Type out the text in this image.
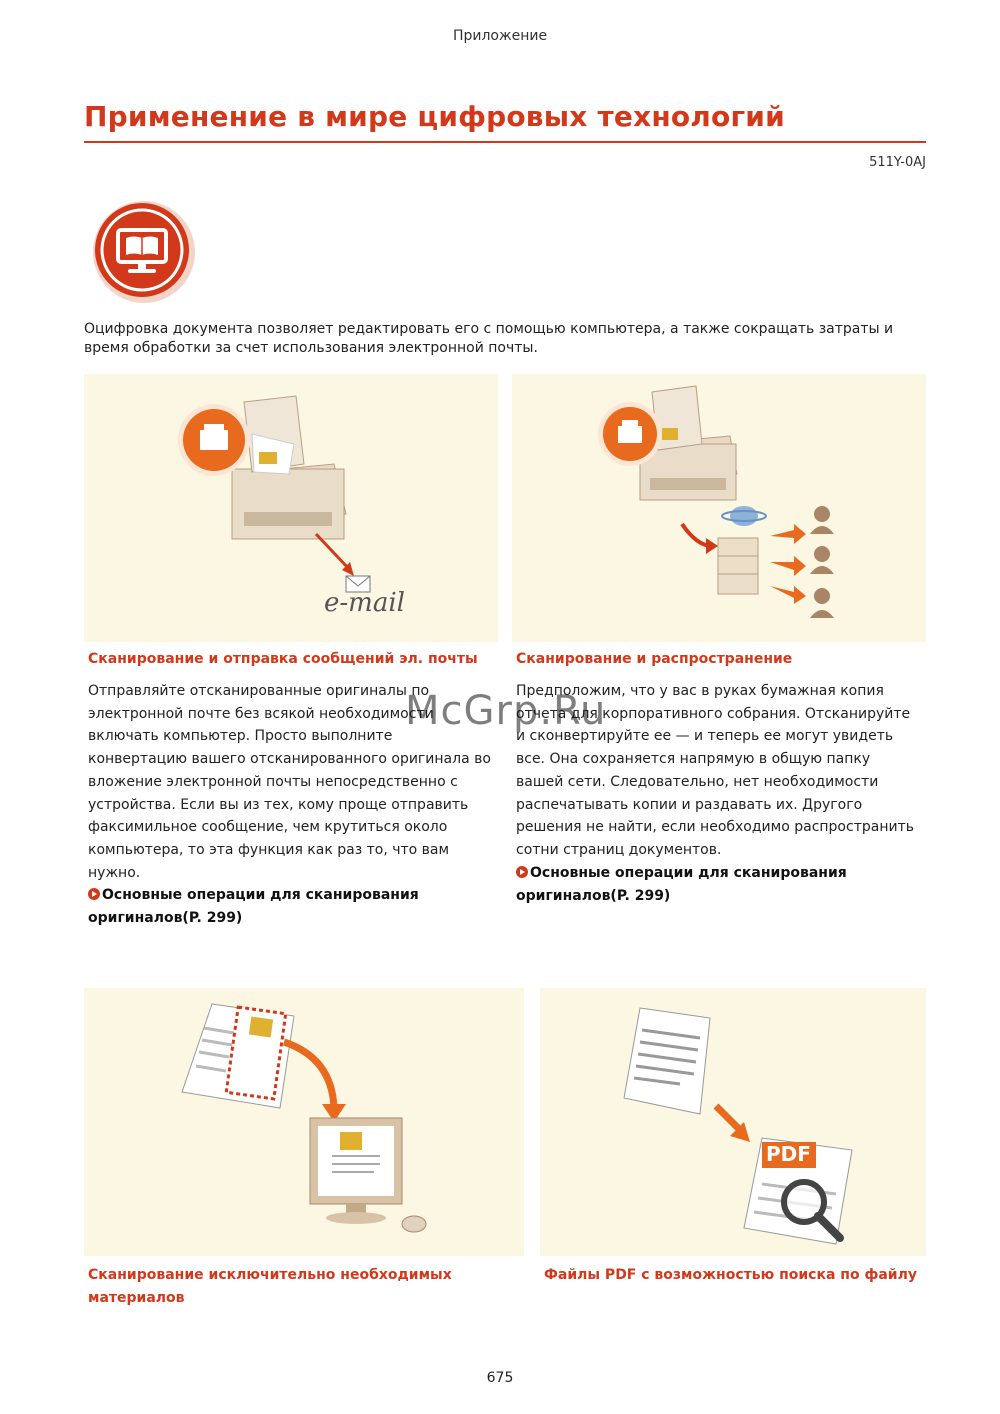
Приложение
Применение в мире цифровых технологий
511Y-0AJ

Оцифровка документа позволяет редактировать его с помощью компьютера, а также сокращать затраты и время обработки за счет использования электронной почты.

e-mail
Сканирование и отправка сообщений эл. почты
Отправляйте отсканированные оригиналы по электронной почте без всякой необходимости включать компьютер. Просто выполните конвертацию вашего отсканированного оригинала во вложение электронной почты непосредственно с устройства. Если вы из тех, кому проще отправить факсимильное сообщение, чем крутиться около компьютера, то эта функция как раз то, что вам нужно.
Основные операции для сканирования оригиналов(P. 299)
Сканирование и распространение
Предположим, что у вас в руках бумажная копия отчета для корпоративного собрания. Отсканируйте и сконвертируйте ее — и теперь ее могут увидеть все. Она сохраняется напрямую в общую папку вашей сети. Следовательно, нет необходимости распечатывать копии и раздавать их. Другого решения не найти, если необходимо распространить сотни страниц документов.
Основные операции для сканирования оригиналов(P. 299)
PDF
Сканирование исключительно необходимых материалов
Файлы PDF с возможностью поиска по файлу
McGrp.Ru
675
